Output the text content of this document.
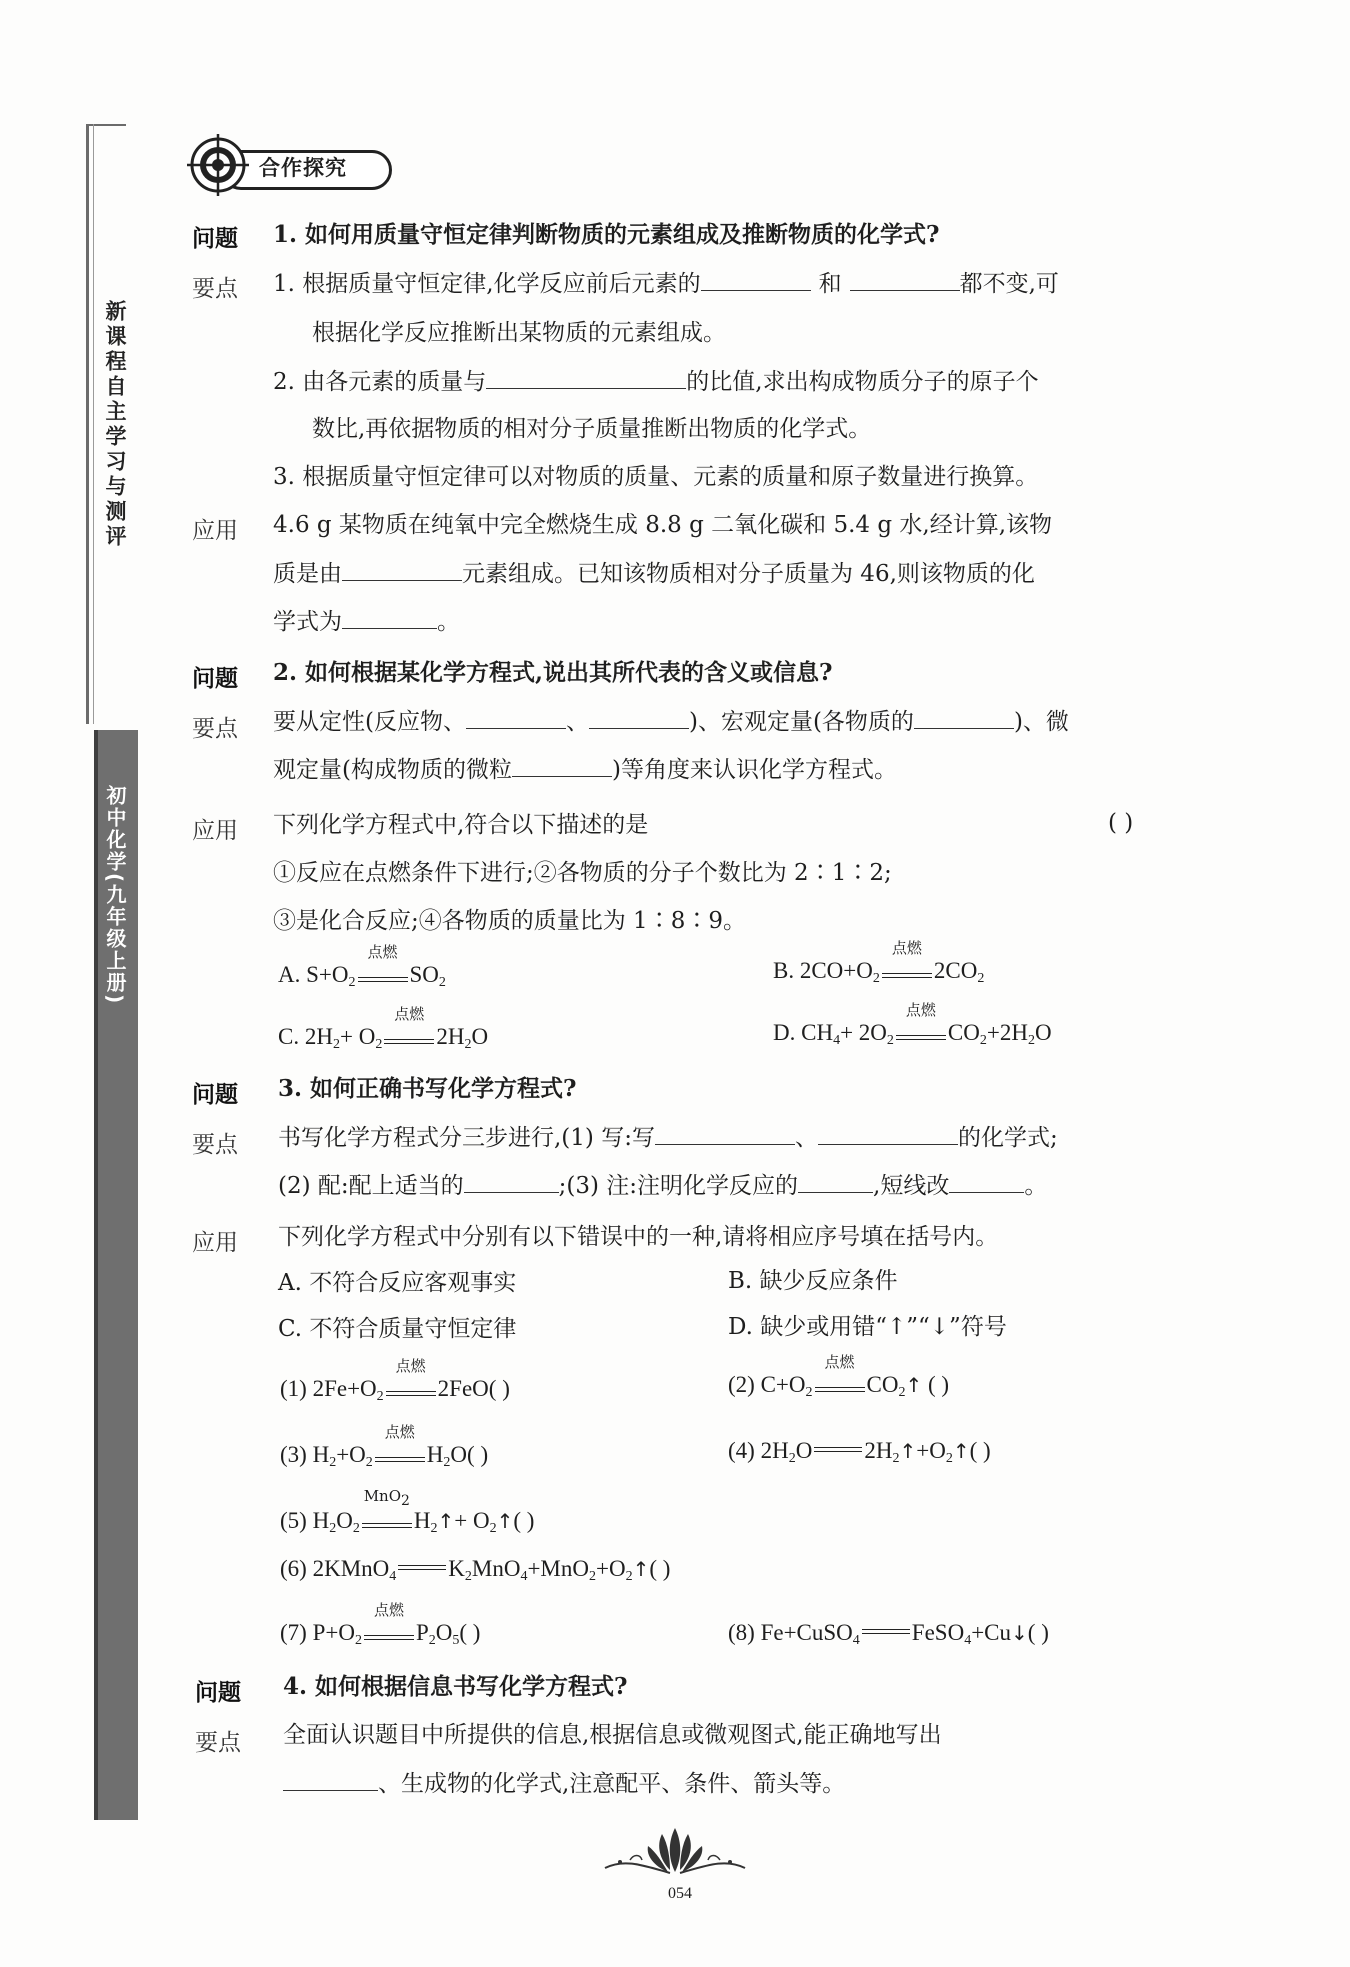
新课程自主学习与测评
初中化学(九年级上册)
合作探究
问题 1. 如何用质量守恒定律判断物质的元素组成及推断物质的化学式?
要点 1. 根据质量守恒定律,化学反应前后元素的	和	都不变,可
根据化学反应推断出某物质的元素组成。
2. 由各元素的质量与	的比值,求出构成物质分子的原子个
数比,再依据物质的相对分子质量推断出物质的化学式。
3. 根据质量守恒定律可以对物质的质量、元素的质量和原子数量进行换算。
应用 4.6 g 某物质在纯氧中完全燃烧生成 8.8 g 二氧化碳和 5.4 g 水,经计算,该物
质是由	元素组成。已知该物质相对分子质量为 46,则该物质的化
学式为	。
问题 2. 如何根据某化学方程式,说出其所代表的含义或信息?
要点 要从定性(反应物、	、	)、宏观定量(各物质的	)、微
观定量(构成物质的微粒	)等角度来认识化学方程式。
应用 下列化学方程式中,符合以下描述的是	( )
①反应在点燃条件下进行;②各物质的分子个数比为 2∶1∶2;
③是化合反应;④各物质的质量比为 1∶8∶9。
A. $S+O_2$
点燃
$SO_2$	B. $2CO+O_2$
点燃
$2CO_2$
C. $2H_2+ O_2$
点燃
$2H_2O$	D. $CH_4+ 2O_2$
点燃
$CO_2+2H_2O$
问题 3. 如何正确书写化学方程式?
要点 书写化学方程式分三步进行,(1) 写:写	、	的化学式;
(2) 配:配上适当的	;(3) 注:注明化学反应的	,短线改	。
应用 下列化学方程式中分别有以下错误中的一种,请将相应序号填在括号内。
A. 不符合反应客观事实	B. 缺少反应条件
C. 不符合质量守恒定律	D. 缺少或用错“↑”“↓”符号
(1) $2Fe+O_2$
点燃
2FeO( )	(2) $C+O_2$
点燃
$CO_2↑$ ( )
(3) $H_2+O_2$
点燃
$H_2O$( )	(4) $2H_2O$ $2H_2↑+O_2↑$( )
(5) $H_2O_2$
MnO$_2$
$H_2↑+$ $O_2↑$( )
(6) 2KMnO$_4$ $K_2MnO_4+MnO_2+O_2↑$( )
(7) $P+O_2$
点燃
$P_2O_5$( )	(8) Fe+CuSO$_4$ FeSO$_4$+Cu↓( )
问题 4. 如何根据信息书写化学方程式?
要点 全面认识题目中所提供的信息,根据信息或微观图式,能正确地写出
、生成物的化学式,注意配平、条件、箭头等。
054
